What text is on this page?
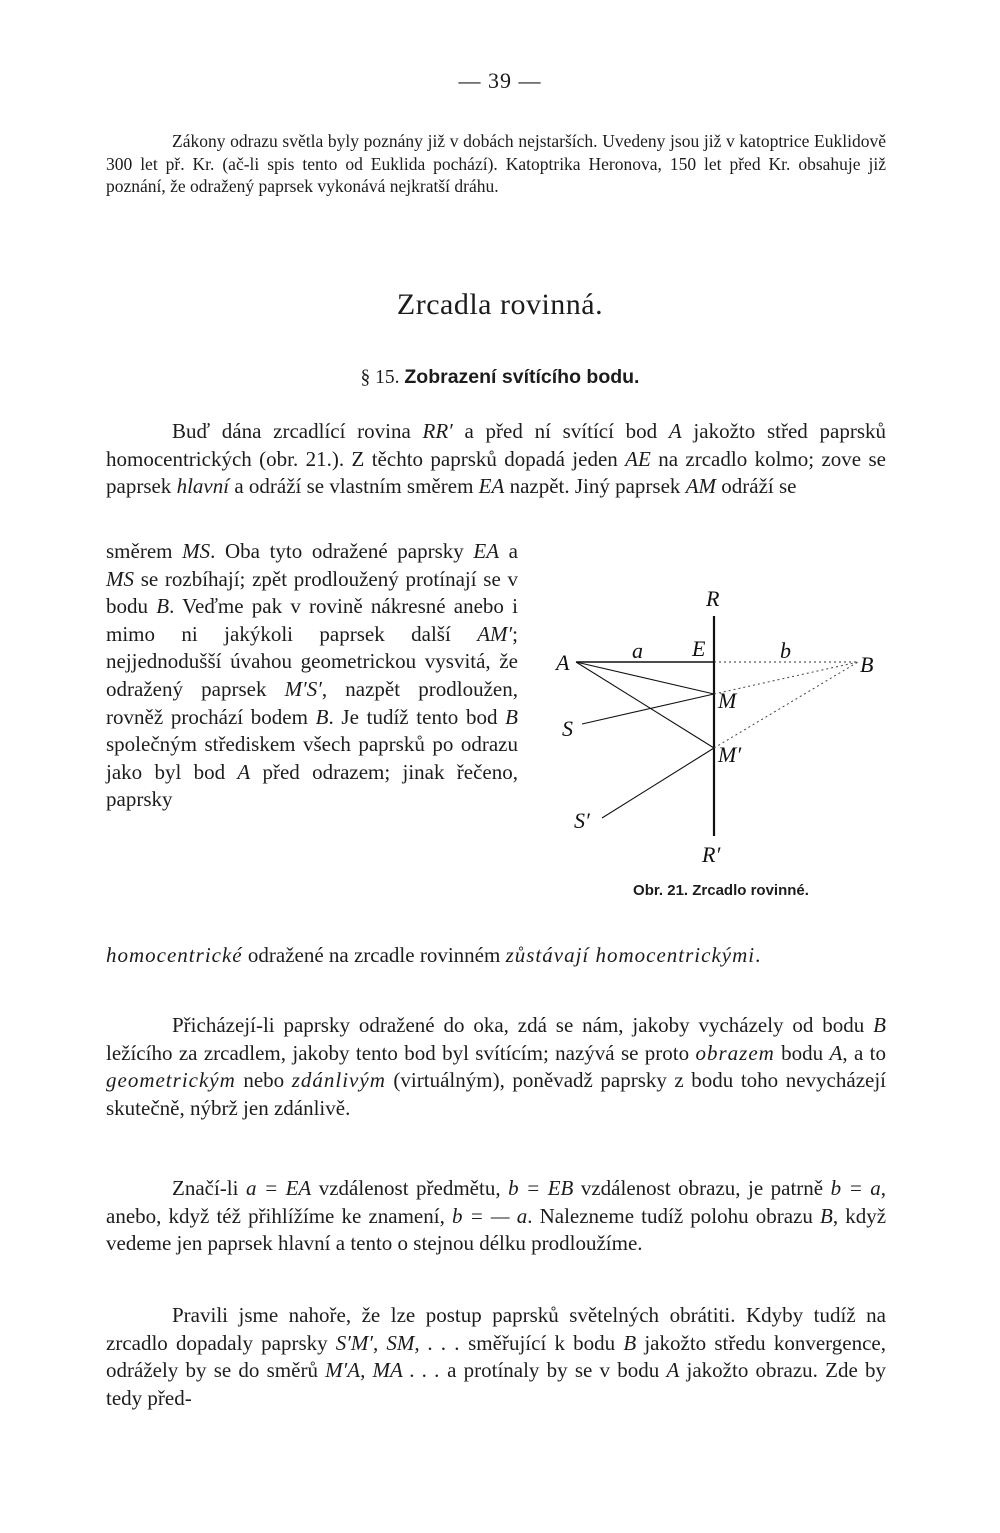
— 39 —

Zákony odrazu světla byly poznány již v dobách nejstarších. Uvedeny jsou již v katoptrice Euklidově 300 let př. Kr. (ač-li spis tento od Euklida pochází). Katoptrika Heronova, 150 let před Kr. obsahuje již poznání, že odražený paprsek vykonává nejkratší dráhu.

Zrcadla rovinná.
§ 15. Zobrazení svítícího bodu.

Buď dána zrcadlící rovina RR′ a před ní svítící bod A jakožto střed paprsků homocentrických (obr. 21.). Z těchto paprsků dopadá jeden AE na zrcadlo kolmo; zove se paprsek hlavní a odráží se vlastním směrem EA nazpět. Jiný paprsek AM odráží se

směrem MS. Oba tyto odražené paprsky EA a MS se rozbíhají; zpět prodloužený protínají se v bodu B. Veďme pak v rovině nákresné anebo i mimo ni jakýkoli paprsek další AM′; nejjednodušší úvahou geometrickou vysvitá, že odražený paprsek M′S′, nazpět prodloužen, rovněž prochází bodem B. Je tudíž tento bod B společným střediskem všech paprsků po odrazu jako byl bod A před odrazem; jinak řečeno, paprsky

homocentrické odražené na zrcadle rovinném zůstávají homocentrickými.

R
R′
E
A	B
a	b
M
M′
S
S′
Obr. 21. Zrcadlo rovinné.

Přicházejí-li paprsky odražené do oka, zdá se nám, jakoby vycházely od bodu B ležícího za zrcadlem, jakoby tento bod byl svítícím; nazývá se proto obrazem bodu A, a to geometrickým nebo zdánlivým (virtuálným), poněvadž paprsky z bodu toho nevycházejí skutečně, nýbrž jen zdánlivě.

Značí-li a = EA vzdálenost předmětu, b = EB vzdálenost obrazu, je patrně b = a, anebo, když též přihlížíme ke znamení, b = — a. Nalezneme tudíž polohu obrazu B, když vedeme jen paprsek hlavní a tento o stejnou délku prodloužíme.

Pravili jsme nahoře, že lze postup paprsků světelných obrátiti. Kdyby tudíž na zrcadlo dopadaly paprsky S′M′, SM, . . . směřující k bodu B jakožto středu konvergence, odrážely by se do směrů M′A, MA . . . a protínaly by se v bodu A jakožto obrazu. Zde by tedy před-
